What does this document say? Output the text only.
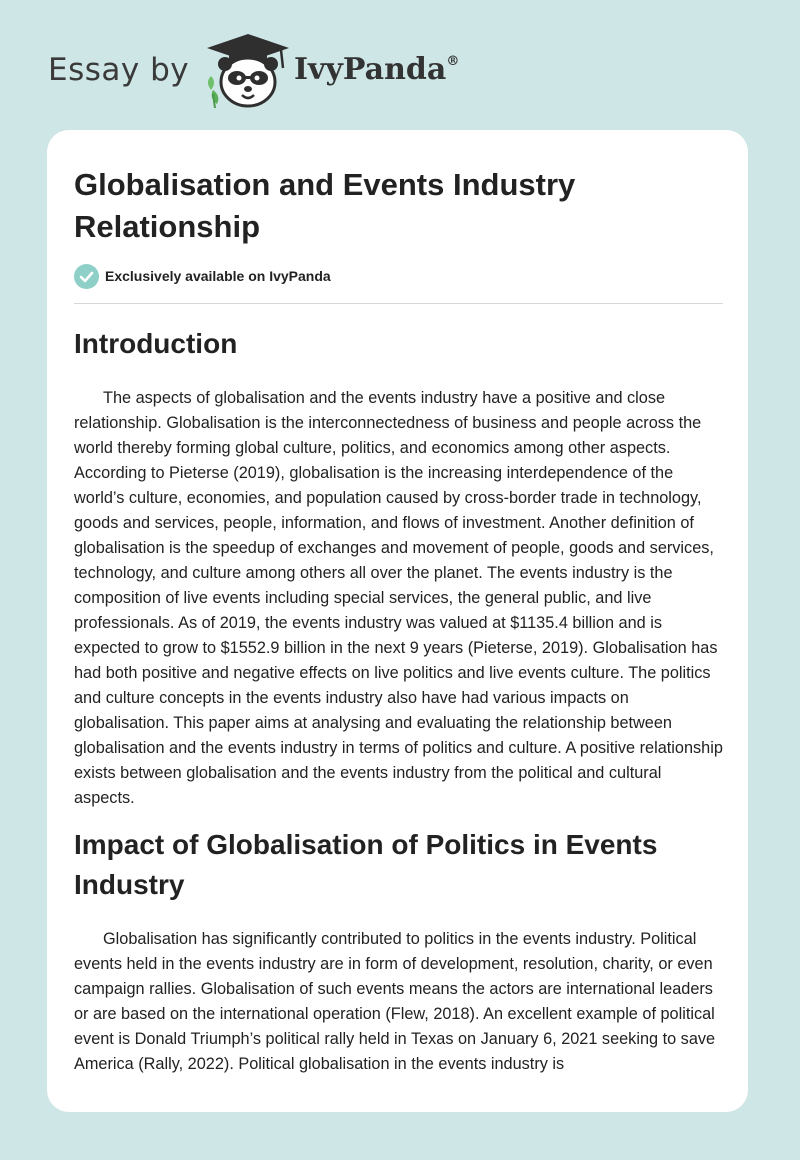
Essay by	IvyPanda®
Globalisation and Events Industry Relationship
Exclusively available on IvyPanda
Introduction

The aspects of globalisation and the events industry have a positive and close relationship. Globalisation is the interconnectedness of business and people across the world thereby forming global culture, politics, and economics among other aspects. According to Pieterse (2019), globalisation is the increasing interdependence of the world’s culture, economies, and population caused by cross-border trade in technology, goods and services, people, information, and flows of investment. Another definition of globalisation is the speedup of exchanges and movement of people, goods and services, technology, and culture among others all over the planet. The events industry is the composition of live events including special services, the general public, and live professionals. As of 2019, the events industry was valued at $1135.4 billion and is expected to grow to $1552.9 billion in the next 9 years (Pieterse, 2019). Globalisation has had both positive and negative effects on live politics and live events culture. The politics and culture concepts in the events industry also have had various impacts on globalisation. This paper aims at analysing and evaluating the relationship between globalisation and the events industry in terms of politics and culture. A positive relationship exists between globalisation and the events industry from the political and cultural aspects.

Impact of Globalisation of Politics in Events Industry

Globalisation has significantly contributed to politics in the events industry. Political events held in the events industry are in form of development, resolution, charity, or even campaign rallies. Globalisation of such events means the actors are international leaders or are based on the international operation (Flew, 2018). An excellent example of political event is Donald Triumph’s political rally held in Texas on January 6, 2021 seeking to save America (Rally, 2022). Political globalisation in the events industry is
